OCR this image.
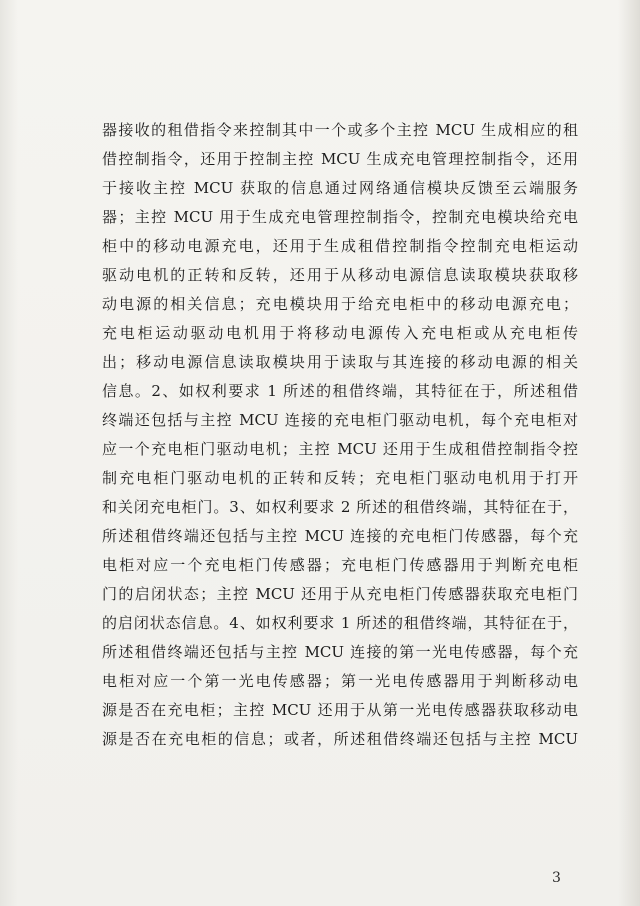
器接收的租借指令来控制其中一个或多个主控 MCU 生成相应的租
借控制指令，还用于控制主控 MCU 生成充电管理控制指令，还用
于接收主控 MCU 获取的信息通过网络通信模块反馈至云端服务
器；主控 MCU 用于生成充电管理控制指令，控制充电模块给充电
柜中的移动电源充电，还用于生成租借控制指令控制充电柜运动
驱动电机的正转和反转，还用于从移动电源信息读取模块获取移
动电源的相关信息；充电模块用于给充电柜中的移动电源充电；
充电柜运动驱动电机用于将移动电源传入充电柜或从充电柜传
出；移动电源信息读取模块用于读取与其连接的移动电源的相关
信息。2、如权利要求 1 所述的租借终端，其特征在于，所述租借
终端还包括与主控 MCU 连接的充电柜门驱动电机，每个充电柜对
应一个充电柜门驱动电机；主控 MCU 还用于生成租借控制指令控
制充电柜门驱动电机的正转和反转；充电柜门驱动电机用于打开
和关闭充电柜门。3、如权利要求 2 所述的租借终端，其特征在于，
所述租借终端还包括与主控 MCU 连接的充电柜门传感器，每个充
电柜对应一个充电柜门传感器；充电柜门传感器用于判断充电柜
门的启闭状态；主控 MCU 还用于从充电柜门传感器获取充电柜门
的启闭状态信息。4、如权利要求 1 所述的租借终端，其特征在于，
所述租借终端还包括与主控 MCU 连接的第一光电传感器，每个充
电柜对应一个第一光电传感器；第一光电传感器用于判断移动电
源是否在充电柜；主控 MCU 还用于从第一光电传感器获取移动电
源是否在充电柜的信息；或者，所述租借终端还包括与主控 MCU
3
